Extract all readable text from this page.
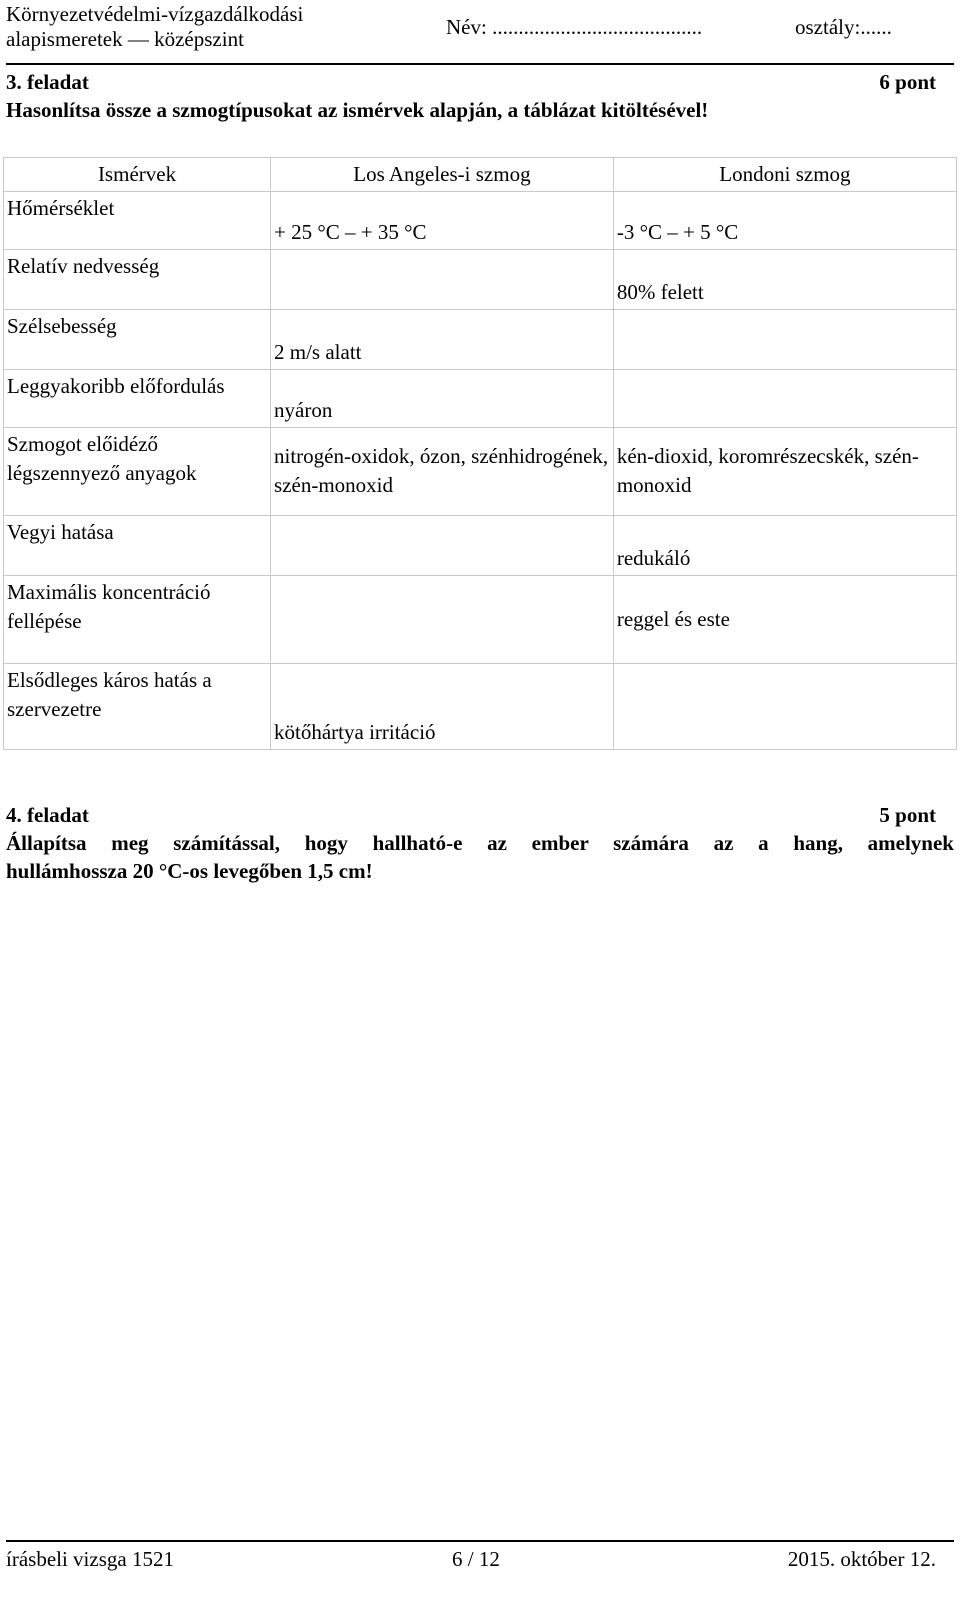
Környezetvédelmi-vízgazdálkodási
alapismeretek — középszint	Név: ........................................	osztály:......
3. feladat	6 pont
Hasonlítsa össze a szmogtípusokat az ismérvek alapján, a táblázat kitöltésével!
Ismérvek	Los Angeles-i szmog	Londoni szmog
Hőmérséklet	+ 25 °C – + 35 °C	-3 °C – + 5 °C
Relatív nedvesség		80% felett
Szélsebesség	2 m/s alatt	
Leggyakoribb előfordulás	nyáron	
Szmogot előidéző légszennyező anyagok	nitrogén-oxidok, ózon, szénhidrogének, szén-monoxid	kén-dioxid, koromrészecskék, szén-monoxid
Vegyi hatása		redukáló
Maximális koncentráció fellépése		reggel és este
Elsődleges káros hatás a szervezetre	kötőhártya irritáció	
4. feladat	5 pont
Állapítsa meg számítással, hogy hallható-e az ember számára az a hang, amelynek
hullámhossza 20 °C-os levegőben 1,5 cm!
írásbeli vizsga 1521	6 / 12	2015. október 12.
